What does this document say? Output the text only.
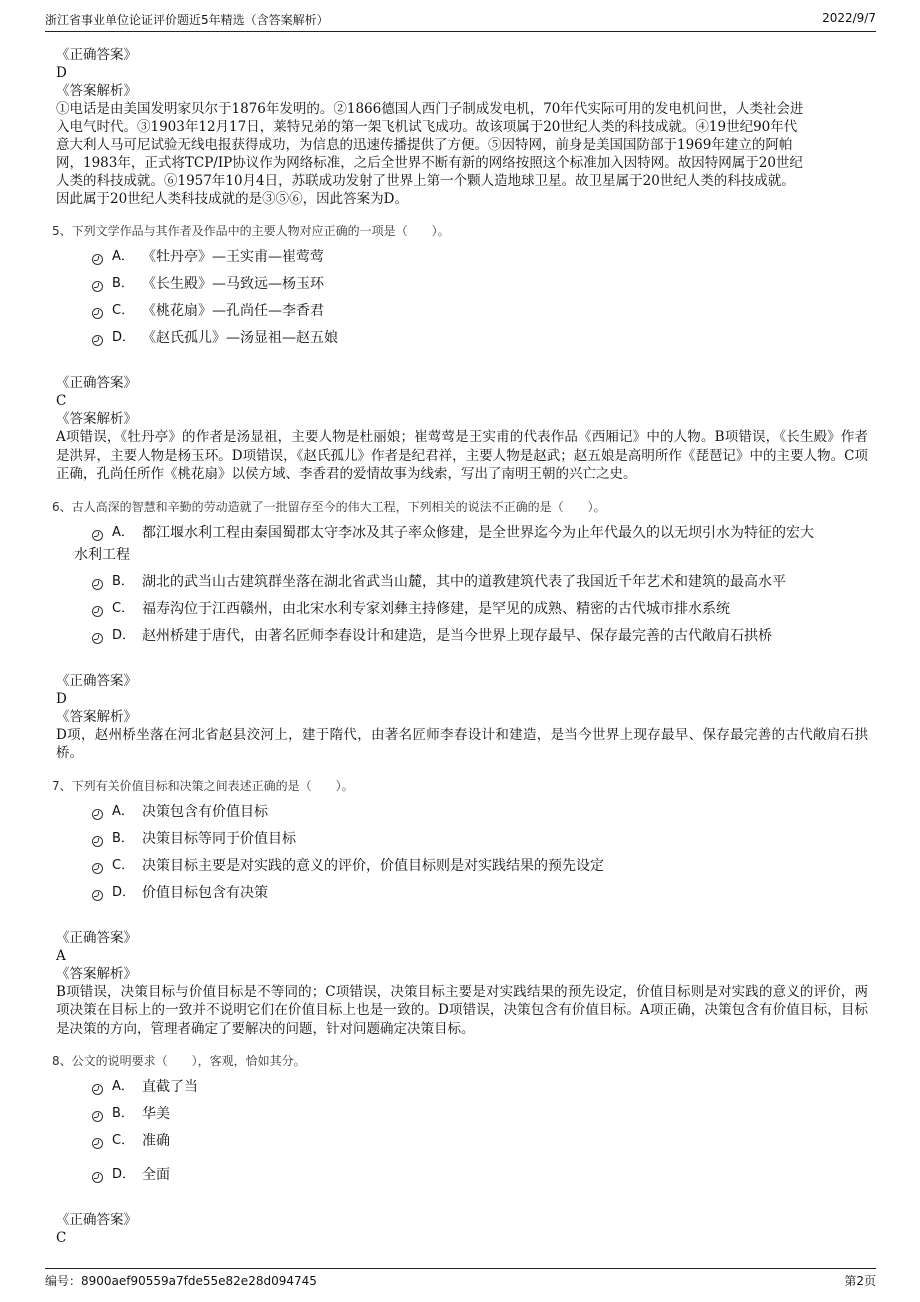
浙江省事业单位论证评价题近5年精选（含答案解析）	2022/9/7
《正确答案》
D
《答案解析》
①电话是由美国发明家贝尔于1876年发明的。②1866德国人西门子制成发电机，70年代实际可用的发电机问世，人类社会进
入电气时代。③1903年12月17日，莱特兄弟的第一架飞机试飞成功。故该项属于20世纪人类的科技成就。④19世纪90年代
意大利人马可尼试验无线电报获得成功，为信息的迅速传播提供了方便。⑤因特网，前身是美国国防部于1969年建立的阿帕
网，1983年，正式将TCP/IP协议作为网络标准，之后全世界不断有新的网络按照这个标准加入因特网。故因特网属于20世纪
人类的科技成就。⑥1957年10月4日，苏联成功发射了世界上第一个颗人造地球卫星。故卫星属于20世纪人类的科技成就。
因此属于20世纪人类科技成就的是③⑤⑥，因此答案为D。
5、下列文学作品与其作者及作品中的主要人物对应正确的一项是（　　）。
A． 《牡丹亭》—王实甫—崔莺莺
B． 《长生殿》—马致远—杨玉环
C． 《桃花扇》—孔尚任—李香君
D． 《赵氏孤儿》—汤显祖—赵五娘
《正确答案》
C
《答案解析》
A项错误，《牡丹亭》的作者是汤显祖，主要人物是杜丽娘；崔莺莺是王实甫的代表作品《西厢记》中的人物。B项错误，《长生殿》作者是洪昇，主要人物是杨玉环。D项错误，《赵氏孤儿》作者是纪君祥，主要人物是赵武；赵五娘是高明所作《琵琶记》中的主要人物。C项正确，孔尚任所作《桃花扇》以侯方域、李香君的爱情故事为线索，写出了南明王朝的兴亡之史。
6、古人高深的智慧和辛勤的劳动造就了一批留存至今的伟大工程，下列相关的说法不正确的是（　　）。
A． 都江堰水利工程由秦国蜀郡太守李冰及其子率众修建，是全世界迄今为止年代最久的以无坝引水为特征的宏大
水利工程
B． 湖北的武当山古建筑群坐落在湖北省武当山麓，其中的道教建筑代表了我国近千年艺术和建筑的最高水平
C． 福寿沟位于江西赣州，由北宋水利专家刘彝主持修建，是罕见的成熟、精密的古代城市排水系统
D． 赵州桥建于唐代，由著名匠师李春设计和建造，是当今世界上现存最早、保存最完善的古代敞肩石拱桥
《正确答案》
D
《答案解析》
D项，赵州桥坐落在河北省赵县洨河上，建于隋代，由著名匠师李春设计和建造，是当今世界上现存最早、保存最完善的古代敞肩石拱桥。
7、下列有关价值目标和决策之间表述正确的是（　　）。
A． 决策包含有价值目标
B． 决策目标等同于价值目标
C． 决策目标主要是对实践的意义的评价，价值目标则是对实践结果的预先设定
D． 价值目标包含有决策
《正确答案》
A
《答案解析》
B项错误，决策目标与价值目标是不等同的；C项错误，决策目标主要是对实践结果的预先设定，价值目标则是对实践的意义的评价，两项决策在目标上的一致并不说明它们在价值目标上也是一致的。D项错误，决策包含有价值目标。A项正确，决策包含有价值目标，目标是决策的方向，管理者确定了要解决的问题，针对问题确定决策目标。
8、公文的说明要求（　　），客观，恰如其分。
A． 直截了当
B． 华美
C． 准确
D． 全面
《正确答案》
C
编号：8900aef90559a7fde55e82e28d094745	第2页
